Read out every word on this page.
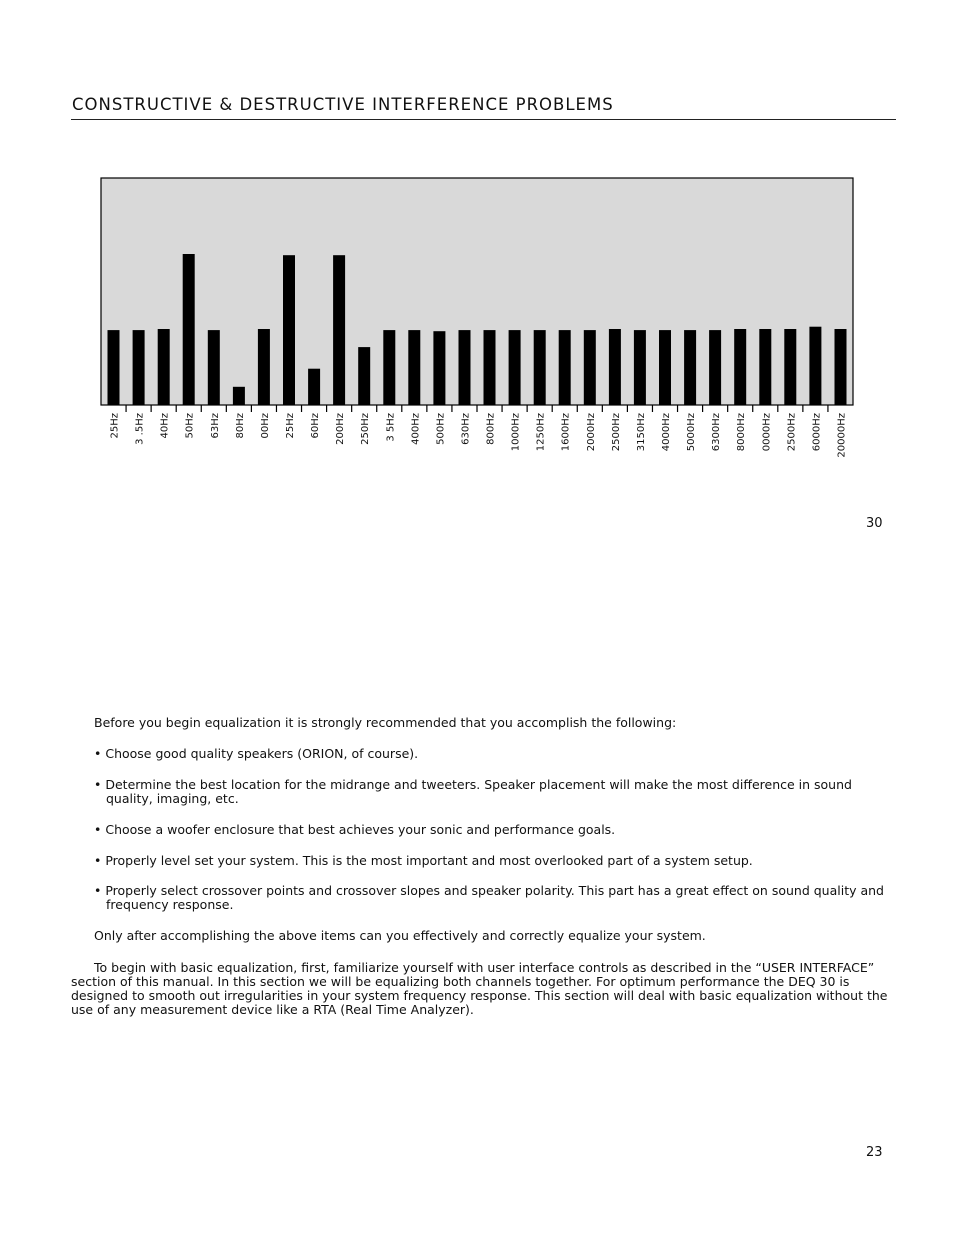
CONSTRUCTIVE & DESTRUCTIVE INTERFERENCE PROBLEMS
25Hz 3 .5Hz 40Hz 50Hz 63Hz 80Hz 00Hz 25Hz 60Hz 200Hz 250Hz 3 5Hz 400Hz 500Hz 630Hz 800Hz 1000Hz 1250Hz 1600Hz 2000Hz 2500Hz 3150Hz 4000Hz 5000Hz 6300Hz 8000Hz 0000Hz 2500Hz 6000Hz 20000Hz
30

Before you begin equalization it is strongly recommended that you accomplish the following:

• Choose good quality speakers (ORION, of course).

• Determine the best location for the midrange and tweeters. Speaker placement will make the most difference in sound quality, imaging, etc.

• Choose a woofer enclosure that best achieves your sonic and performance goals.

• Properly level set your system. This is the most important and most overlooked part of a system setup.

• Properly select crossover points and crossover slopes and speaker polarity. This part has a great effect on sound quality and frequency response.

Only after accomplishing the above items can you effectively and correctly equalize your system.

To begin with basic equalization, first, familiarize yourself with user interface controls as described in the “USER INTERFACE” section of this manual. In this section we will be equalizing both channels together. For optimum performance the DEQ 30 is designed to smooth out irregularities in your system frequency response. This section will deal with basic equalization without the use of any measurement device like a RTA (Real Time Analyzer).

23
